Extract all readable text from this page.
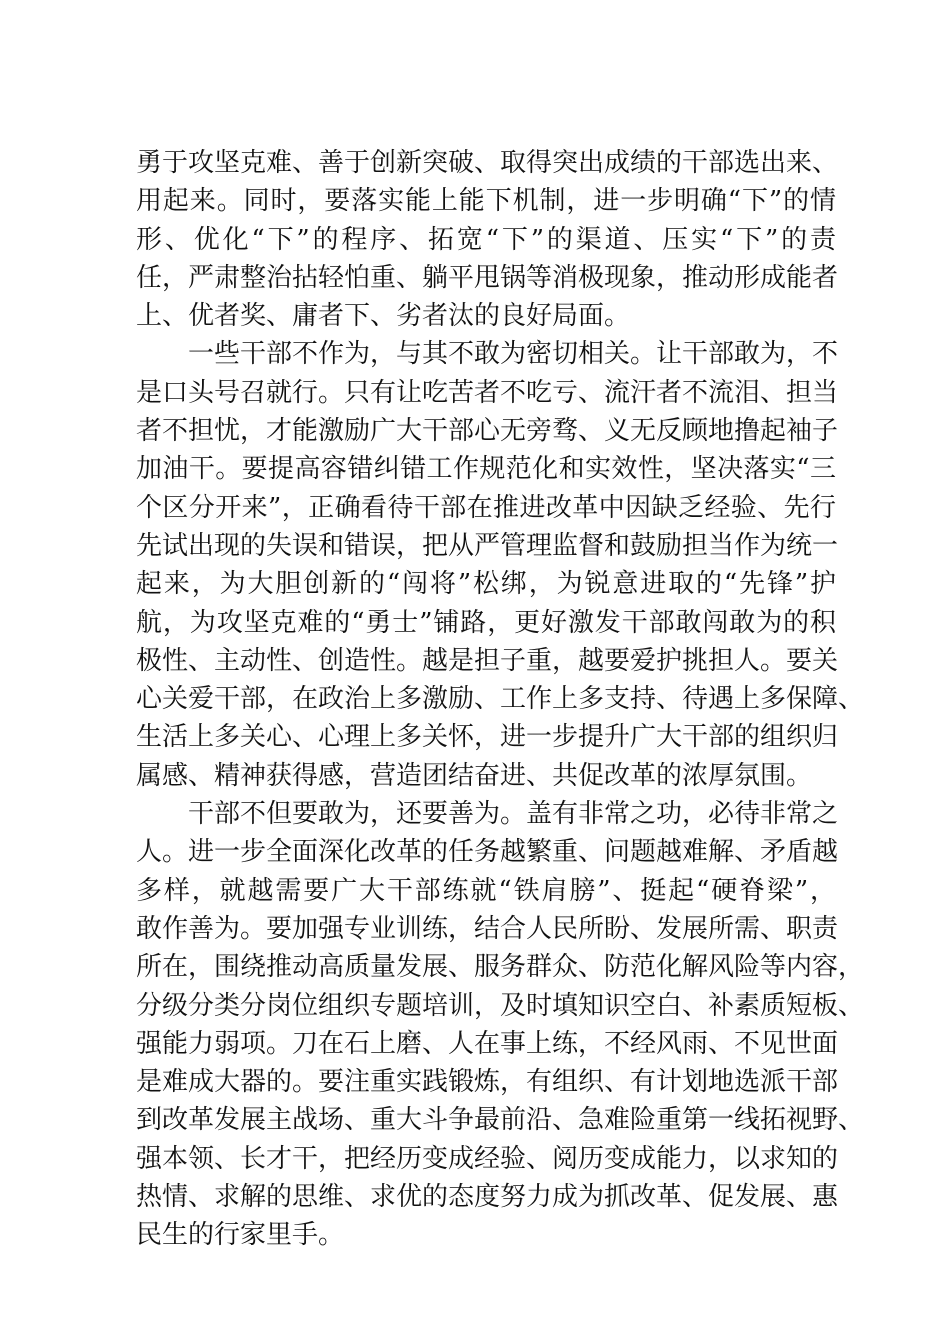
勇于攻坚克难、善于创新突破、取得突出成绩的干部选出来、
用起来。同时，要落实能上能下机制，进一步明确“下”的情
形、优化“下”的程序、拓宽“下”的渠道、压实“下”的责
任，严肃整治拈轻怕重、躺平甩锅等消极现象，推动形成能者
上、优者奖、庸者下、劣者汰的良好局面。

一些干部不作为，与其不敢为密切相关。让干部敢为，不
是口头号召就行。只有让吃苦者不吃亏、流汗者不流泪、担当
者不担忧，才能激励广大干部心无旁骛、义无反顾地撸起袖子
加油干。要提高容错纠错工作规范化和实效性，坚决落实“三
个区分开来”，正确看待干部在推进改革中因缺乏经验、先行
先试出现的失误和错误，把从严管理监督和鼓励担当作为统一
起来，为大胆创新的“闯将”松绑，为锐意进取的“先锋”护
航，为攻坚克难的“勇士”铺路，更好激发干部敢闯敢为的积
极性、主动性、创造性。越是担子重，越要爱护挑担人。要关
心关爱干部，在政治上多激励、工作上多支持、待遇上多保障、
生活上多关心、心理上多关怀，进一步提升广大干部的组织归
属感、精神获得感，营造团结奋进、共促改革的浓厚氛围。

干部不但要敢为，还要善为。盖有非常之功，必待非常之
人。进一步全面深化改革的任务越繁重、问题越难解、矛盾越
多样，就越需要广大干部练就“铁肩膀”、挺起“硬脊梁”，
敢作善为。要加强专业训练，结合人民所盼、发展所需、职责
所在，围绕推动高质量发展、服务群众、防范化解风险等内容，
分级分类分岗位组织专题培训，及时填知识空白、补素质短板、
强能力弱项。刀在石上磨、人在事上练，不经风雨、不见世面
是难成大器的。要注重实践锻炼，有组织、有计划地选派干部
到改革发展主战场、重大斗争最前沿、急难险重第一线拓视野、
强本领、长才干，把经历变成经验、阅历变成能力，以求知的
热情、求解的思维、求优的态度努力成为抓改革、促发展、惠
民生的行家里手。
